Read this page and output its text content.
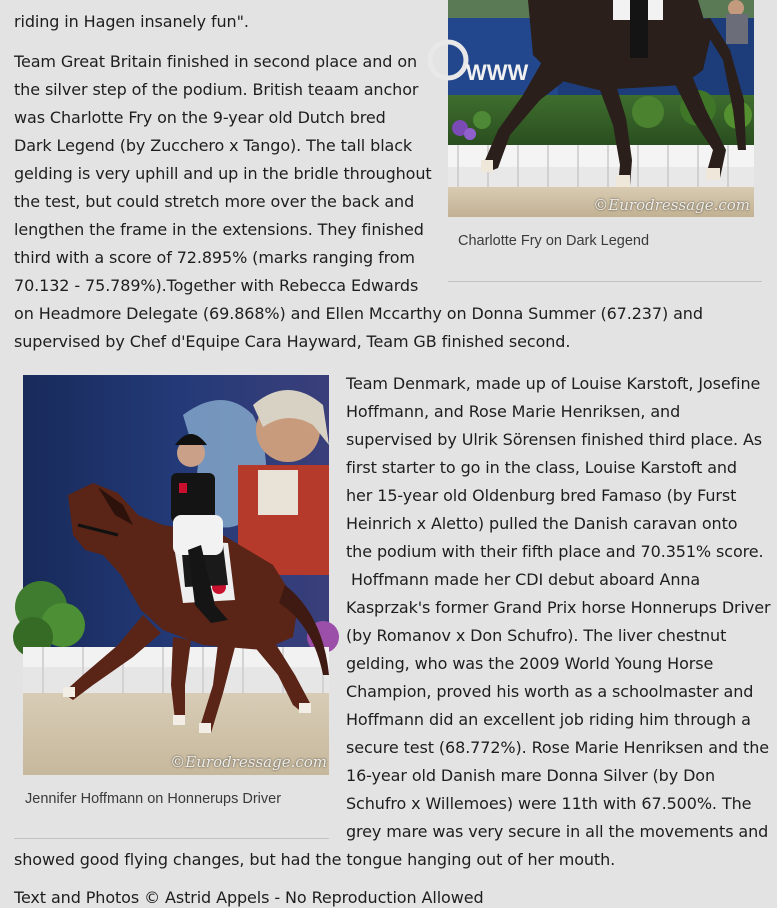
riding in Hagen insanely fun".
Team Great Britain finished in second place and on
the silver step of the podium. British teaam anchor
was Charlotte Fry on the 9-year old Dutch bred
Dark Legend (by Zucchero x Tango). The tall black
gelding is very uphill and up in the bridle throughout
the test, but could stretch more over the back and
lengthen the frame in the extensions. They finished
third with a score of 72.895% (marks ranging from
70.132 - 75.789%).Together with Rebecca Edwards
on Headmore Delegate (69.868%) and Ellen Mccarthy on Donna Summer (67.237) and
supervised by Chef d'Equipe Cara Hayward, Team GB finished second.
WWW
©Eurodressage.com
Charlotte Fry on Dark Legend
©Eurodressage.com
Jennifer Hoffmann on Honnerups Driver
Team Denmark, made up of Louise Karstoft, Josefine
Hoffmann, and Rose Marie Henriksen, and
supervised by Ulrik Sörensen finished third place. As
first starter to go in the class, Louise Karstoft and
her 15-year old Oldenburg bred Famaso (by Furst
Heinrich x Aletto) pulled the Danish caravan onto
the podium with their fifth place and 70.351% score.
Hoffmann made her CDI debut aboard Anna
Kasprzak's former Grand Prix horse Honnerups Driver
(by Romanov x Don Schufro). The liver chestnut
gelding, who was the 2009 World Young Horse
Champion, proved his worth as a schoolmaster and
Hoffmann did an excellent job riding him through a
secure test (68.772%). Rose Marie Henriksen and the
16-year old Danish mare Donna Silver (by Don
Schufro x Willemoes) were 11th with 67.500%. The
grey mare was very secure in all the movements and
showed good flying changes, but had the tongue hanging out of her mouth.
Text and Photos © Astrid Appels - No Reproduction Allowed
